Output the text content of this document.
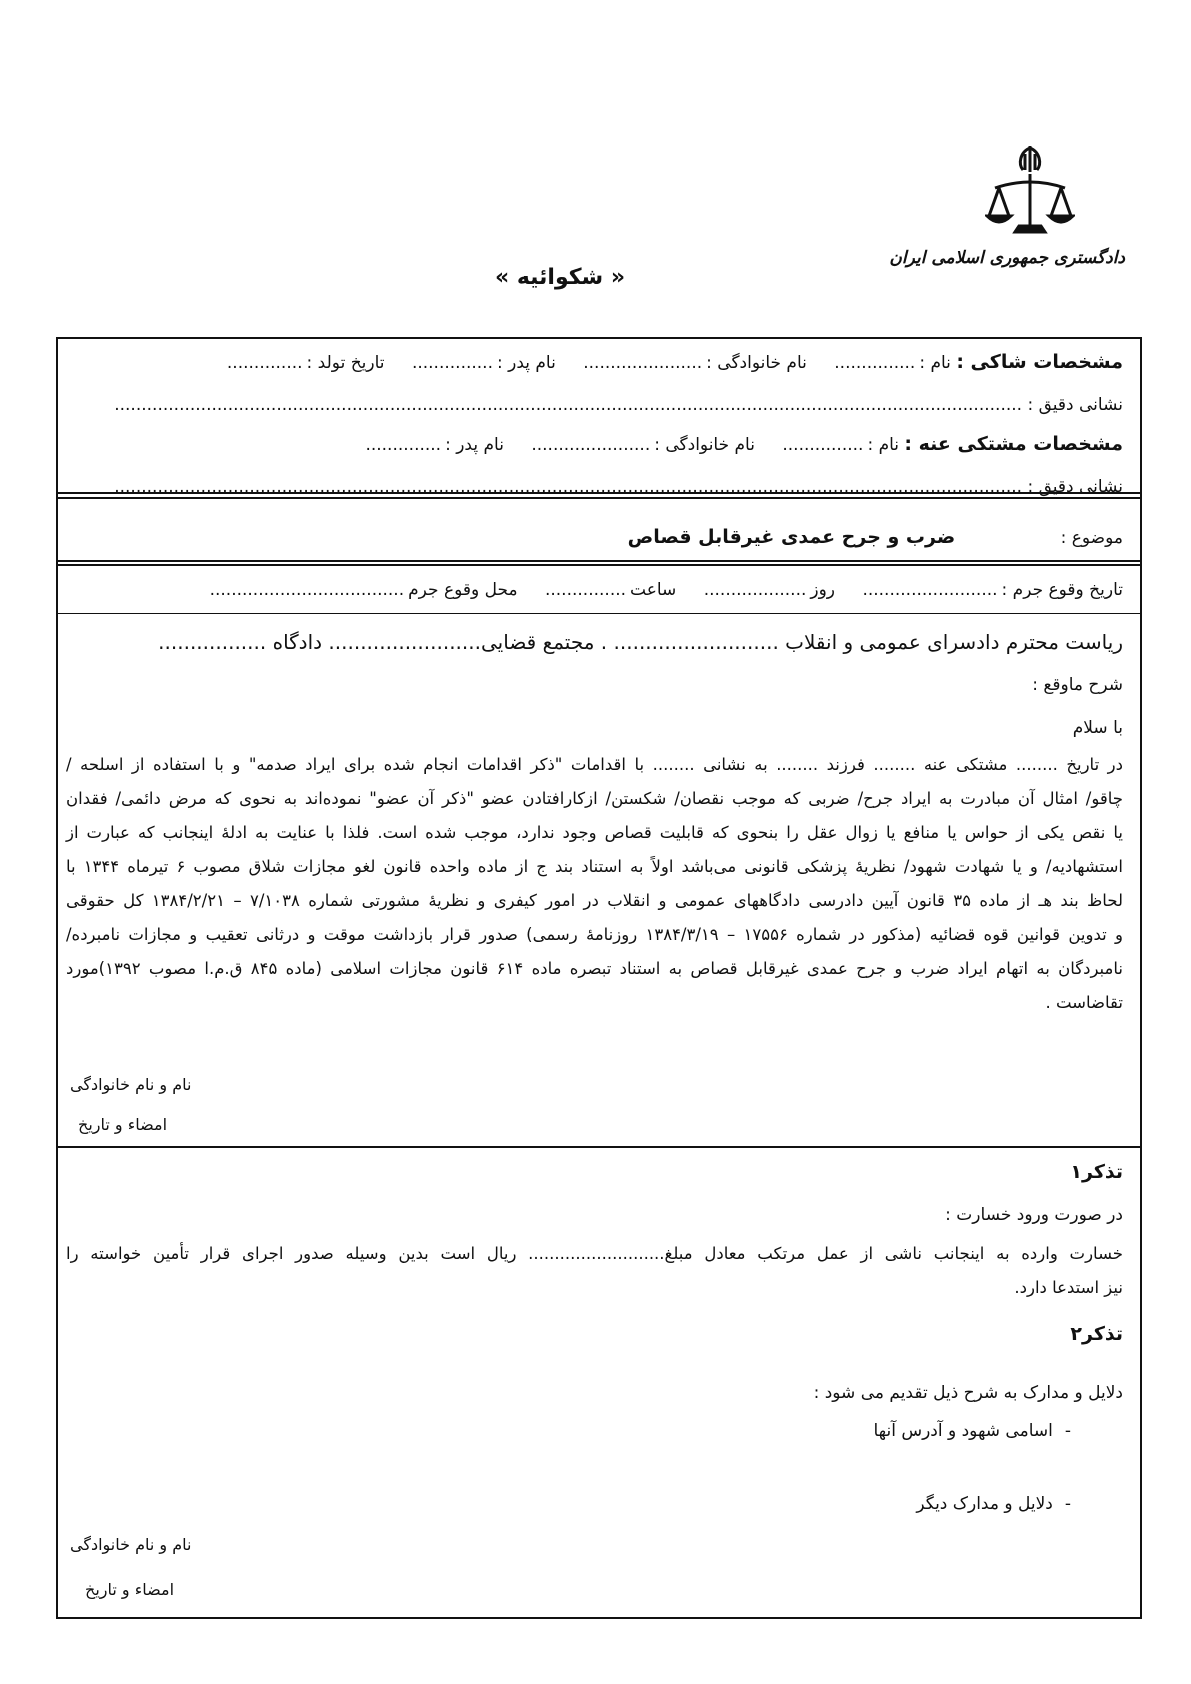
دادگستری جمهوری اسلامی ایران
« شکوائیه »
مشخصات شاکی : نام :............... نام خانوادگی :...................... نام پدر :............... تاریخ تولد :..............
نشانی دقیق : ........................................................................................................................................................................
مشخصات مشتکی عنه : نام :............... نام خانوادگی :...................... نام پدر :..............
نشانی دقیق : ........................................................................................................................................................................
موضوع : ضرب و جرح عمدی غیرقابل قصاص
تاریخ وقوع جرم :......................... روز................... ساعت............... محل وقوع جرم....................................
ریاست محترم دادسرای عمومی و انقلاب .......................... . مجتمع قضایی........................ دادگاه .................
شرح ماوقع :
با سلام

در تاریخ ........ مشتکی عنه ........ فرزند ........ به نشانی ........ با اقدامات "ذکر اقدامات انجام شده برای ایراد صدمه" و با استفاده از اسلحه /

چاقو/ امثال آن مبادرت به ایراد جرح/ ضربی که موجب نقصان/ شکستن/ ازکارافتادن عضو "ذکر آن عضو" نموده‌اند به نحوی که مرض دائمی/ فقدان

یا نقص یکی از حواس یا منافع یا زوال عقل را بنحوی که قابلیت قصاص وجود ندارد، موجب شده است. فلذا با عنایت به ادلهٔ اینجانب که عبارت از

استشهادیه/ و یا شهادت شهود/ نظریهٔ پزشکی قانونی می‌باشد اولاً به استناد بند ج از ماده واحده قانون لغو مجازات شلاق مصوب ۶ تیرماه ۱۳۴۴ با

لحاظ بند هـ از ماده ۳۵ قانون آیین دادرسی دادگاههای عمومی و انقلاب در امور کیفری و نظریهٔ مشورتی شماره ۷/۱۰۳۸ – ۱۳۸۴/۲/۲۱ کل حقوقی

و تدوین قوانین قوه قضائیه (مذکور در شماره ۱۷۵۵۶ – ۱۳۸۴/۳/۱۹ روزنامهٔ رسمی) صدور قرار بازداشت موقت و درثانی تعقیب و مجازات نامبرده/

نامبردگان به اتهام ایراد ضرب و جرح عمدی غیرقابل قصاص به استناد تبصره ماده ۶۱۴ قانون مجازات اسلامی (ماده ۸۴۵ ق.م.ا مصوب ۱۳۹۲)مورد

تقاضاست .

نام و نام خانوادگی
امضاء و تاریخ
تذکر۱
در صورت ورود خسارت :

خسارت وارده به اینجانب ناشی از عمل مرتکب معادل مبلغ.......................... ریال است بدین وسیله صدور اجرای قرار تأمین خواسته را

نیز استدعا دارد.

تذکر۲
دلایل و مدارک به شرح ذیل تقدیم می شود :
-اسامی شهود و آدرس آنها
-دلایل و مدارک دیگر
نام و نام خانوادگی
امضاء و تاریخ
